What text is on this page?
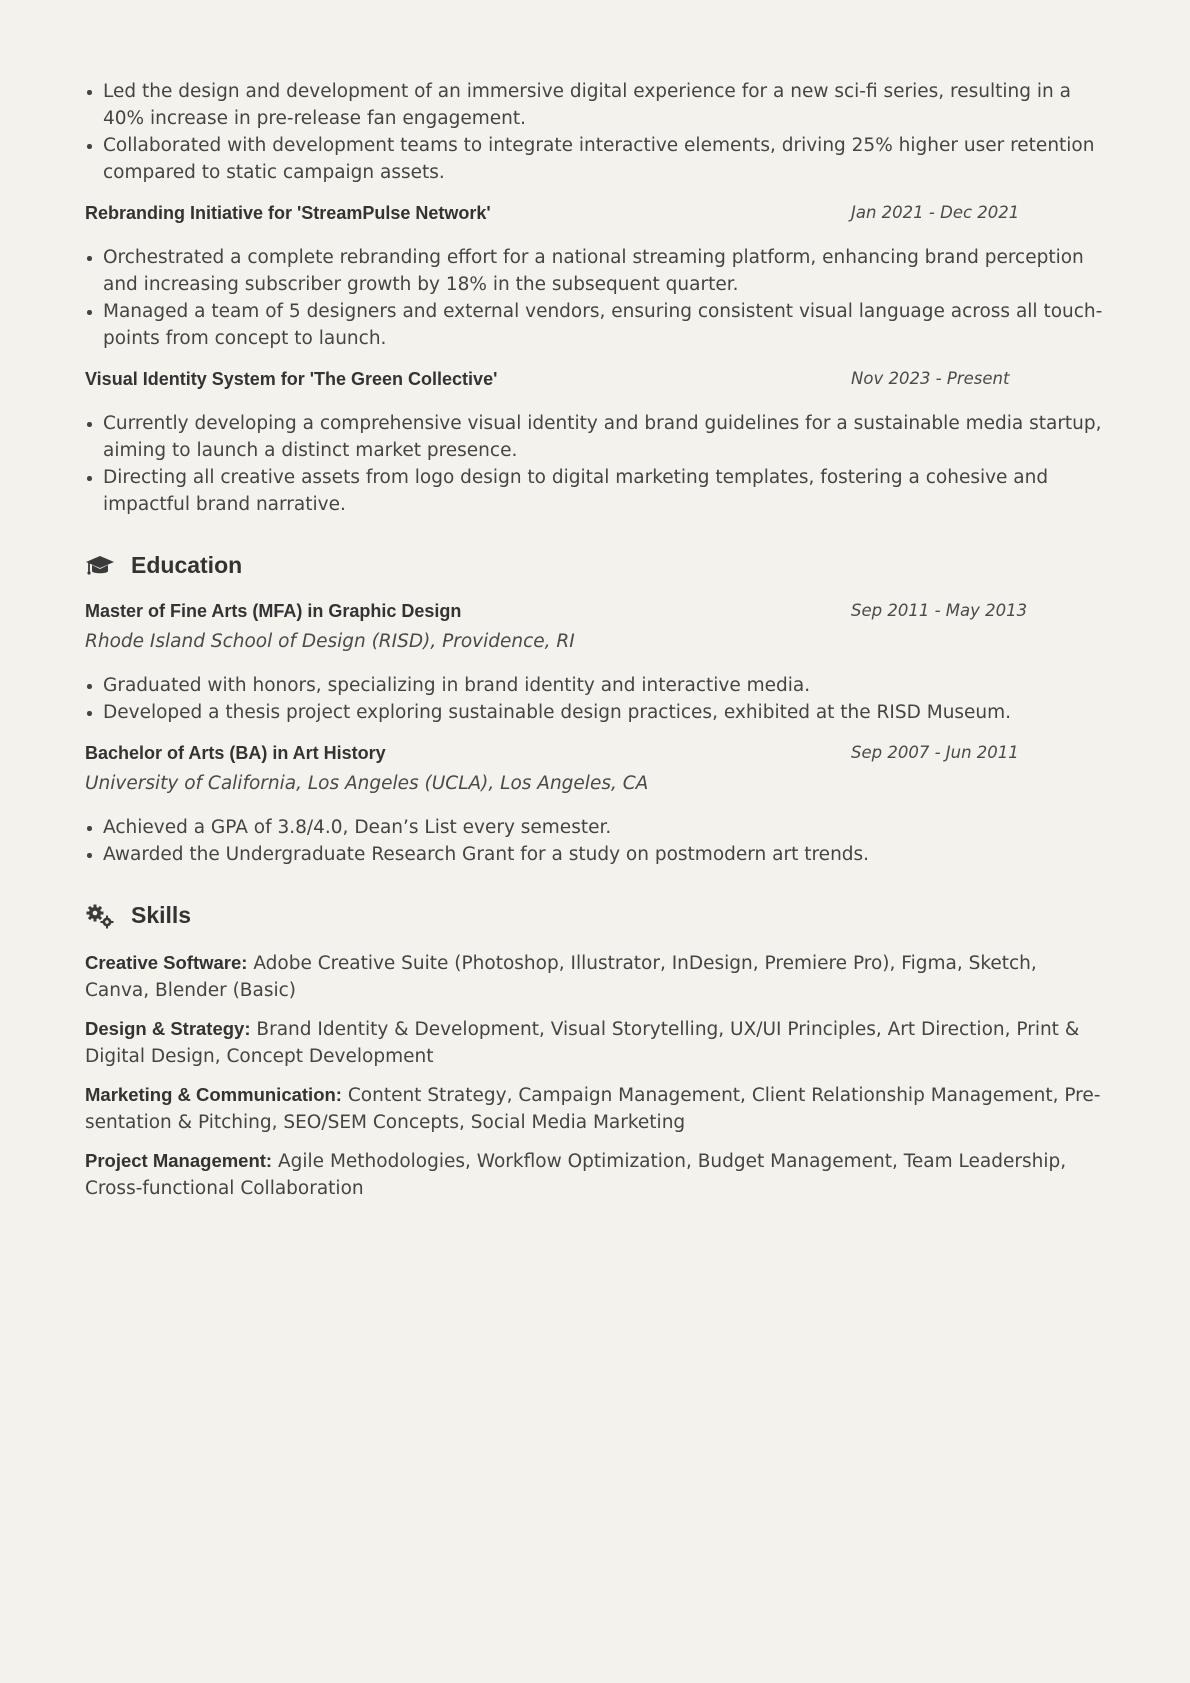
Led the design and development of an immersive digital experience for a new sci-fi series, resulting in a 40% increase in pre-release fan engagement.
Collaborated with development teams to integrate interactive elements, driving 25% higher user retention compared to static campaign assets.
Rebranding Initiative for 'StreamPulse Network'	Jan 2021 - Dec 2021
Orchestrated a complete rebranding effort for a national streaming platform, enhancing brand perception and increasing subscriber growth by 18% in the subsequent quarter.
Managed a team of 5 designers and external vendors, ensuring consistent visual language across all touch-points from concept to launch.
Visual Identity System for 'The Green Collective'	Nov 2023 - Present
Currently developing a comprehensive visual identity and brand guidelines for a sustainable media startup, aiming to launch a distinct market presence.
Directing all creative assets from logo design to digital marketing templates, fostering a cohesive and impactful brand narrative.
Education
Master of Fine Arts (MFA) in Graphic Design	Sep 2011 - May 2013
Rhode Island School of Design (RISD), Providence, RI
Graduated with honors, specializing in brand identity and interactive media.
Developed a thesis project exploring sustainable design practices, exhibited at the RISD Museum.
Bachelor of Arts (BA) in Art History	Sep 2007 - Jun 2011
University of California, Los Angeles (UCLA), Los Angeles, CA
Achieved a GPA of 3.8/4.0, Dean’s List every semester.
Awarded the Undergraduate Research Grant for a study on postmodern art trends.
Skills
Creative Software: Adobe Creative Suite (Photoshop, Illustrator, InDesign, Premiere Pro), Figma, Sketch, Canva, Blender (Basic)
Design & Strategy: Brand Identity & Development, Visual Storytelling, UX/UI Principles, Art Direction, Print & Digital Design, Concept Development
Marketing & Communication: Content Strategy, Campaign Management, Client Relationship Management, Pre-sentation & Pitching, SEO/SEM Concepts, Social Media Marketing
Project Management: Agile Methodologies, Workflow Optimization, Budget Management, Team Leadership, Cross-functional Collaboration
